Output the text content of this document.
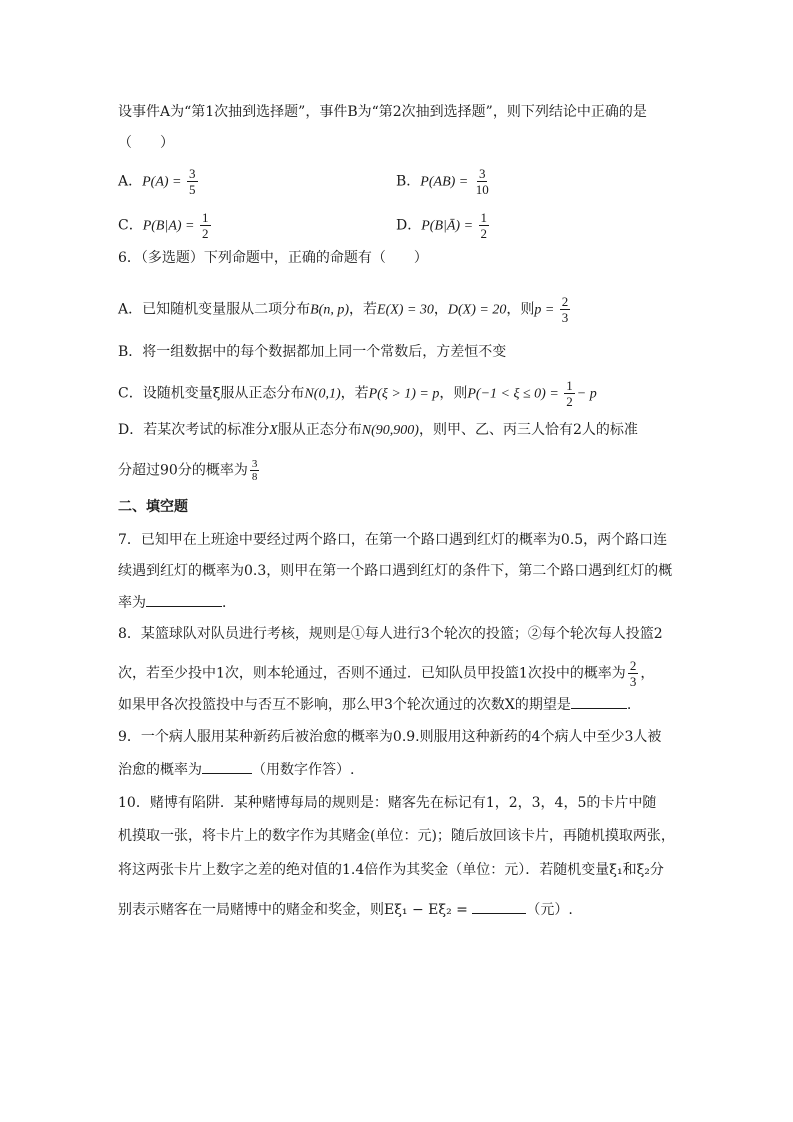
设事件A为“第1次抽到选择题”，事件B为“第2次抽到选择题”，则下列结论中正确的是
（　　）
A．$P(A) = \frac{3}{5}$	B．$P(AB) = \frac{3}{10}$
C．$P(B|A) = \frac{1}{2}$	D．P(B|Ā) = $\frac{1}{2}$
6．（多选题）下列命题中，正确的命题有（　　）
A．已知随机变量服从二项分布B(n, p)，若E(X) = 30，D(X) = 20，则$p = \frac{2}{3}$
B．将一组数据中的每个数据都加上同一个常数后，方差恒不变
C．设随机变量ξ服从正态分布N(0,1)，若P(ξ > 1) = p，则$P(-1 < \xi \le 0) = \frac{1}{2} - p$
D．若某次考试的标准分X服从正态分布N(90,900)，则甲、乙、丙三人恰有2人的标准
分超过90分的概率为 $\frac{3}{8}$
二、填空题
7．已知甲在上班途中要经过两个路口，在第一个路口遇到红灯的概率为0.5，两个路口连
续遇到红灯的概率为0.3，则甲在第一个路口遇到红灯的条件下，第二个路口遇到红灯的概
率为	．
8．某篮球队对队员进行考核，规则是①每人进行3个轮次的投篮；②每个轮次每人投篮2
次，若至少投中1次，则本轮通过，否则不通过．已知队员甲投篮1次投中的概率为 $\frac{2}{3}$ ，
如果甲各次投篮投中与否互不影响，那么甲3个轮次通过的次数X的期望是	.
9．一个病人服用某种新药后被治愈的概率为0.9.则服用这种新药的4个病人中至少3人被
治愈的概率为	（用数字作答）.
10．赌博有陷阱．某种赌博每局的规则是：赌客先在标记有1，2，3，4，5的卡片中随
机摸取一张，将卡片上的数字作为其赌金(单位：元)；随后放回该卡片，再随机摸取两张，
将这两张卡片上数字之差的绝对值的1.4倍作为其奖金（单位：元）．若随机变量ξ₁和ξ₂分
别表示赌客在一局赌博中的赌金和奖金，则Eξ₁ − Eξ₂ =	（元）.
